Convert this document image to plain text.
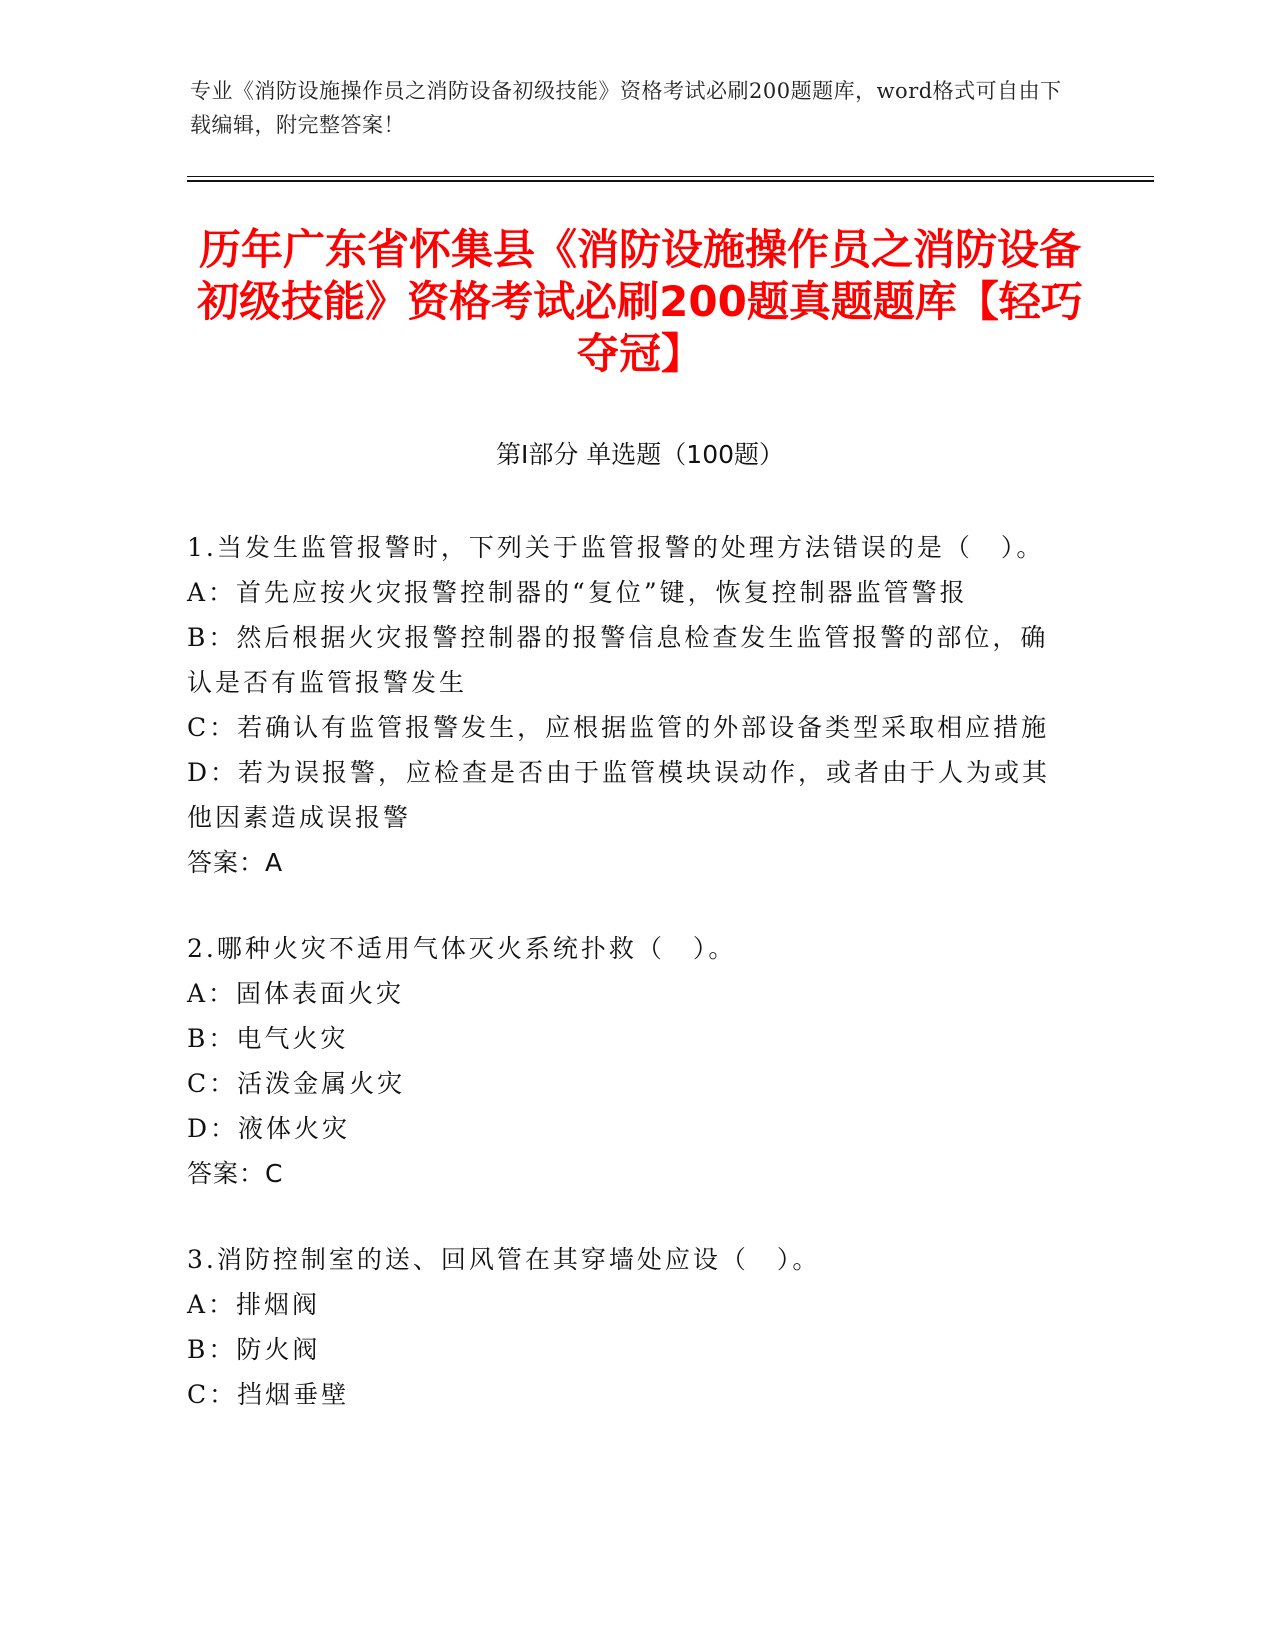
专业《消防设施操作员之消防设备初级技能》资格考试必刷200题题库，word格式可自由下载编辑，附完整答案！
历年广东省怀集县《消防设施操作员之消防设备初级技能》资格考试必刷200题真题题库【轻巧夺冠】
第Ⅰ部分 单选题（100题）
1.当发生监管报警时，下列关于监管报警的处理方法错误的是（　）。
A：首先应按火灾报警控制器的“复位”键，恢复控制器监管警报
B：然后根据火灾报警控制器的报警信息检查发生监管报警的部位，确认是否有监管报警发生
C：若确认有监管报警发生，应根据监管的外部设备类型采取相应措施
D：若为误报警，应检查是否由于监管模块误动作，或者由于人为或其他因素造成误报警
答案：A
2.哪种火灾不适用气体灭火系统扑救（　）。
A：固体表面火灾
B：电气火灾
C：活泼金属火灾
D：液体火灾
答案：C
3.消防控制室的送、回风管在其穿墙处应设（　）。
A：排烟阀
B：防火阀
C：挡烟垂壁
